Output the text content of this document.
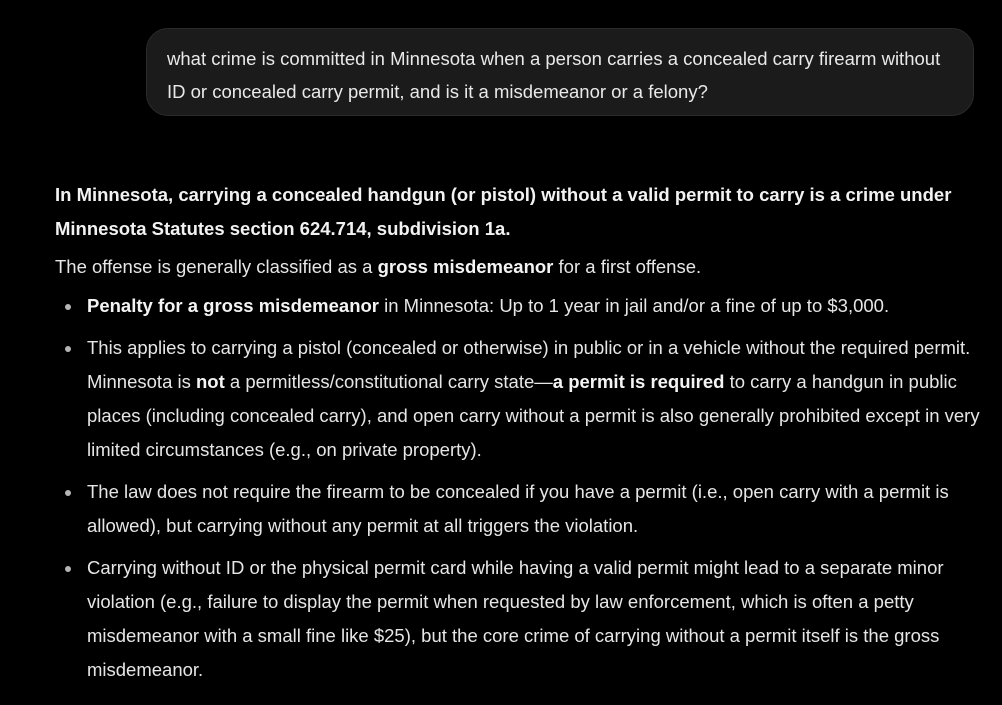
what crime is committed in Minnesota when a person carries a concealed carry firearm without ID or concealed carry permit, and is it a misdemeanor or a felony?

In Minnesota, carrying a concealed handgun (or pistol) without a valid permit to carry is a crime under Minnesota Statutes section 624.714, subdivision 1a.

The offense is generally classified as a gross misdemeanor for a first offense.

Penalty for a gross misdemeanor in Minnesota: Up to 1 year in jail and/or a fine of up to $3,000.
This applies to carrying a pistol (concealed or otherwise) in public or in a vehicle without the required permit. Minnesota is not a permitless/constitutional carry state—a permit is required to carry a handgun in public places (including concealed carry), and open carry without a permit is also generally prohibited except in very limited circumstances (e.g., on private property).
The law does not require the firearm to be concealed if you have a permit (i.e., open carry with a permit is allowed), but carrying without any permit at all triggers the violation.
Carrying without ID or the physical permit card while having a valid permit might lead to a separate minor violation (e.g., failure to display the permit when requested by law enforcement, which is often a petty misdemeanor with a small fine like $25), but the core crime of carrying without a permit itself is the gross misdemeanor.
